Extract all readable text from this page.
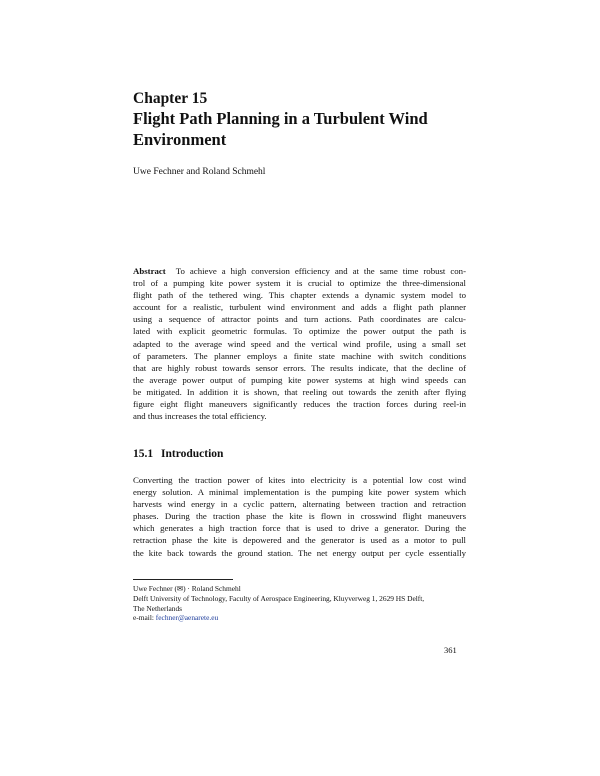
Chapter 15
Flight Path Planning in a Turbulent Wind
Environment
Uwe Fechner and Roland Schmehl
Abstract To achieve a high conversion efficiency and at the same time robust con-
trol of a pumping kite power system it is crucial to optimize the three-dimensional
flight path of the tethered wing. This chapter extends a dynamic system model to
account for a realistic, turbulent wind environment and adds a flight path planner
using a sequence of attractor points and turn actions. Path coordinates are calcu-
lated with explicit geometric formulas. To optimize the power output the path is
adapted to the average wind speed and the vertical wind profile, using a small set
of parameters. The planner employs a finite state machine with switch conditions
that are highly robust towards sensor errors. The results indicate, that the decline of
the average power output of pumping kite power systems at high wind speeds can
be mitigated. In addition it is shown, that reeling out towards the zenith after flying
figure eight flight maneuvers significantly reduces the traction forces during reel-in
and thus increases the total efficiency.
15.1 Introduction
Converting the traction power of kites into electricity is a potential low cost wind
energy solution. A minimal implementation is the pumping kite power system which
harvests wind energy in a cyclic pattern, alternating between traction and retraction
phases. During the traction phase the kite is flown in crosswind flight maneuvers
which generates a high traction force that is used to drive a generator. During the
retraction phase the kite is depowered and the generator is used as a motor to pull
the kite back towards the ground station. The net energy output per cycle essentially
Uwe Fechner (✉) · Roland Schmehl
Delft University of Technology, Faculty of Aerospace Engineering, Kluyverweg 1, 2629 HS Delft,
The Netherlands
e-mail: fechner@aenarete.eu
361
